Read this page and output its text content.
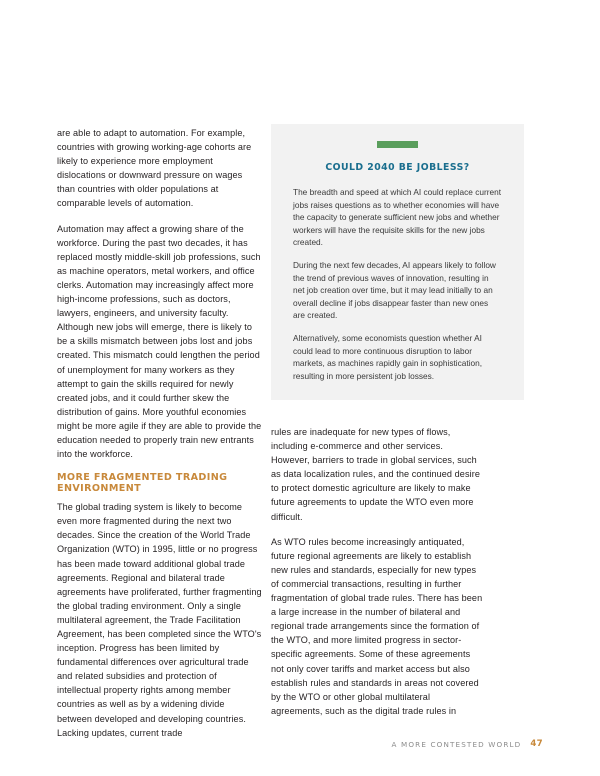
are able to adapt to automation. For example, countries with growing working-age cohorts are likely to experience more employment dislocations or downward pressure on wages than countries with older populations at comparable levels of automation.

Automation may affect a growing share of the workforce. During the past two decades, it has replaced mostly middle-skill job professions, such as machine operators, metal workers, and office clerks. Automation may increasingly affect more high-income professions, such as doctors, lawyers, engineers, and university faculty. Although new jobs will emerge, there is likely to be a skills mismatch between jobs lost and jobs created. This mismatch could lengthen the period of unemployment for many workers as they attempt to gain the skills required for newly created jobs, and it could further skew the distribution of gains. More youthful economies might be more agile if they are able to provide the education needed to properly train new entrants into the workforce.

MORE FRAGMENTED TRADING ENVIRONMENT

The global trading system is likely to become even more fragmented during the next two decades. Since the creation of the World Trade Organization (WTO) in 1995, little or no progress has been made toward additional global trade agreements. Regional and bilateral trade agreements have proliferated, further fragmenting the global trading environment. Only a single multilateral agreement, the Trade Facilitation Agreement, has been completed since the WTO's inception. Progress has been limited by fundamental differences over agricultural trade and related subsidies and protection of intellectual property rights among member countries as well as by a widening divide between developed and developing countries. Lacking updates, current trade

COULD 2040 BE JOBLESS?

The breadth and speed at which AI could replace current jobs raises questions as to whether economies will have the capacity to generate sufficient new jobs and whether workers will have the requisite skills for the new jobs created.

During the next few decades, AI appears likely to follow the trend of previous waves of innovation, resulting in net job creation over time, but it may lead initially to an overall decline if jobs disappear faster than new ones are created.

Alternatively, some economists question whether AI could lead to more continuous disruption to labor markets, as machines rapidly gain in sophistication, resulting in more persistent job losses.

rules are inadequate for new types of flows, including e-commerce and other services. However, barriers to trade in global services, such as data localization rules, and the continued desire to protect domestic agriculture are likely to make future agreements to update the WTO even more difficult.

As WTO rules become increasingly antiquated, future regional agreements are likely to establish new rules and standards, especially for new types of commercial transactions, resulting in further fragmentation of global trade rules. There has been a large increase in the number of bilateral and regional trade arrangements since the formation of the WTO, and more limited progress in sector-specific agreements. Some of these agreements not only cover tariffs and market access but also establish rules and standards in areas not covered by the WTO or other global multilateral agreements, such as the digital trade rules in

A MORE CONTESTED WORLD 47
